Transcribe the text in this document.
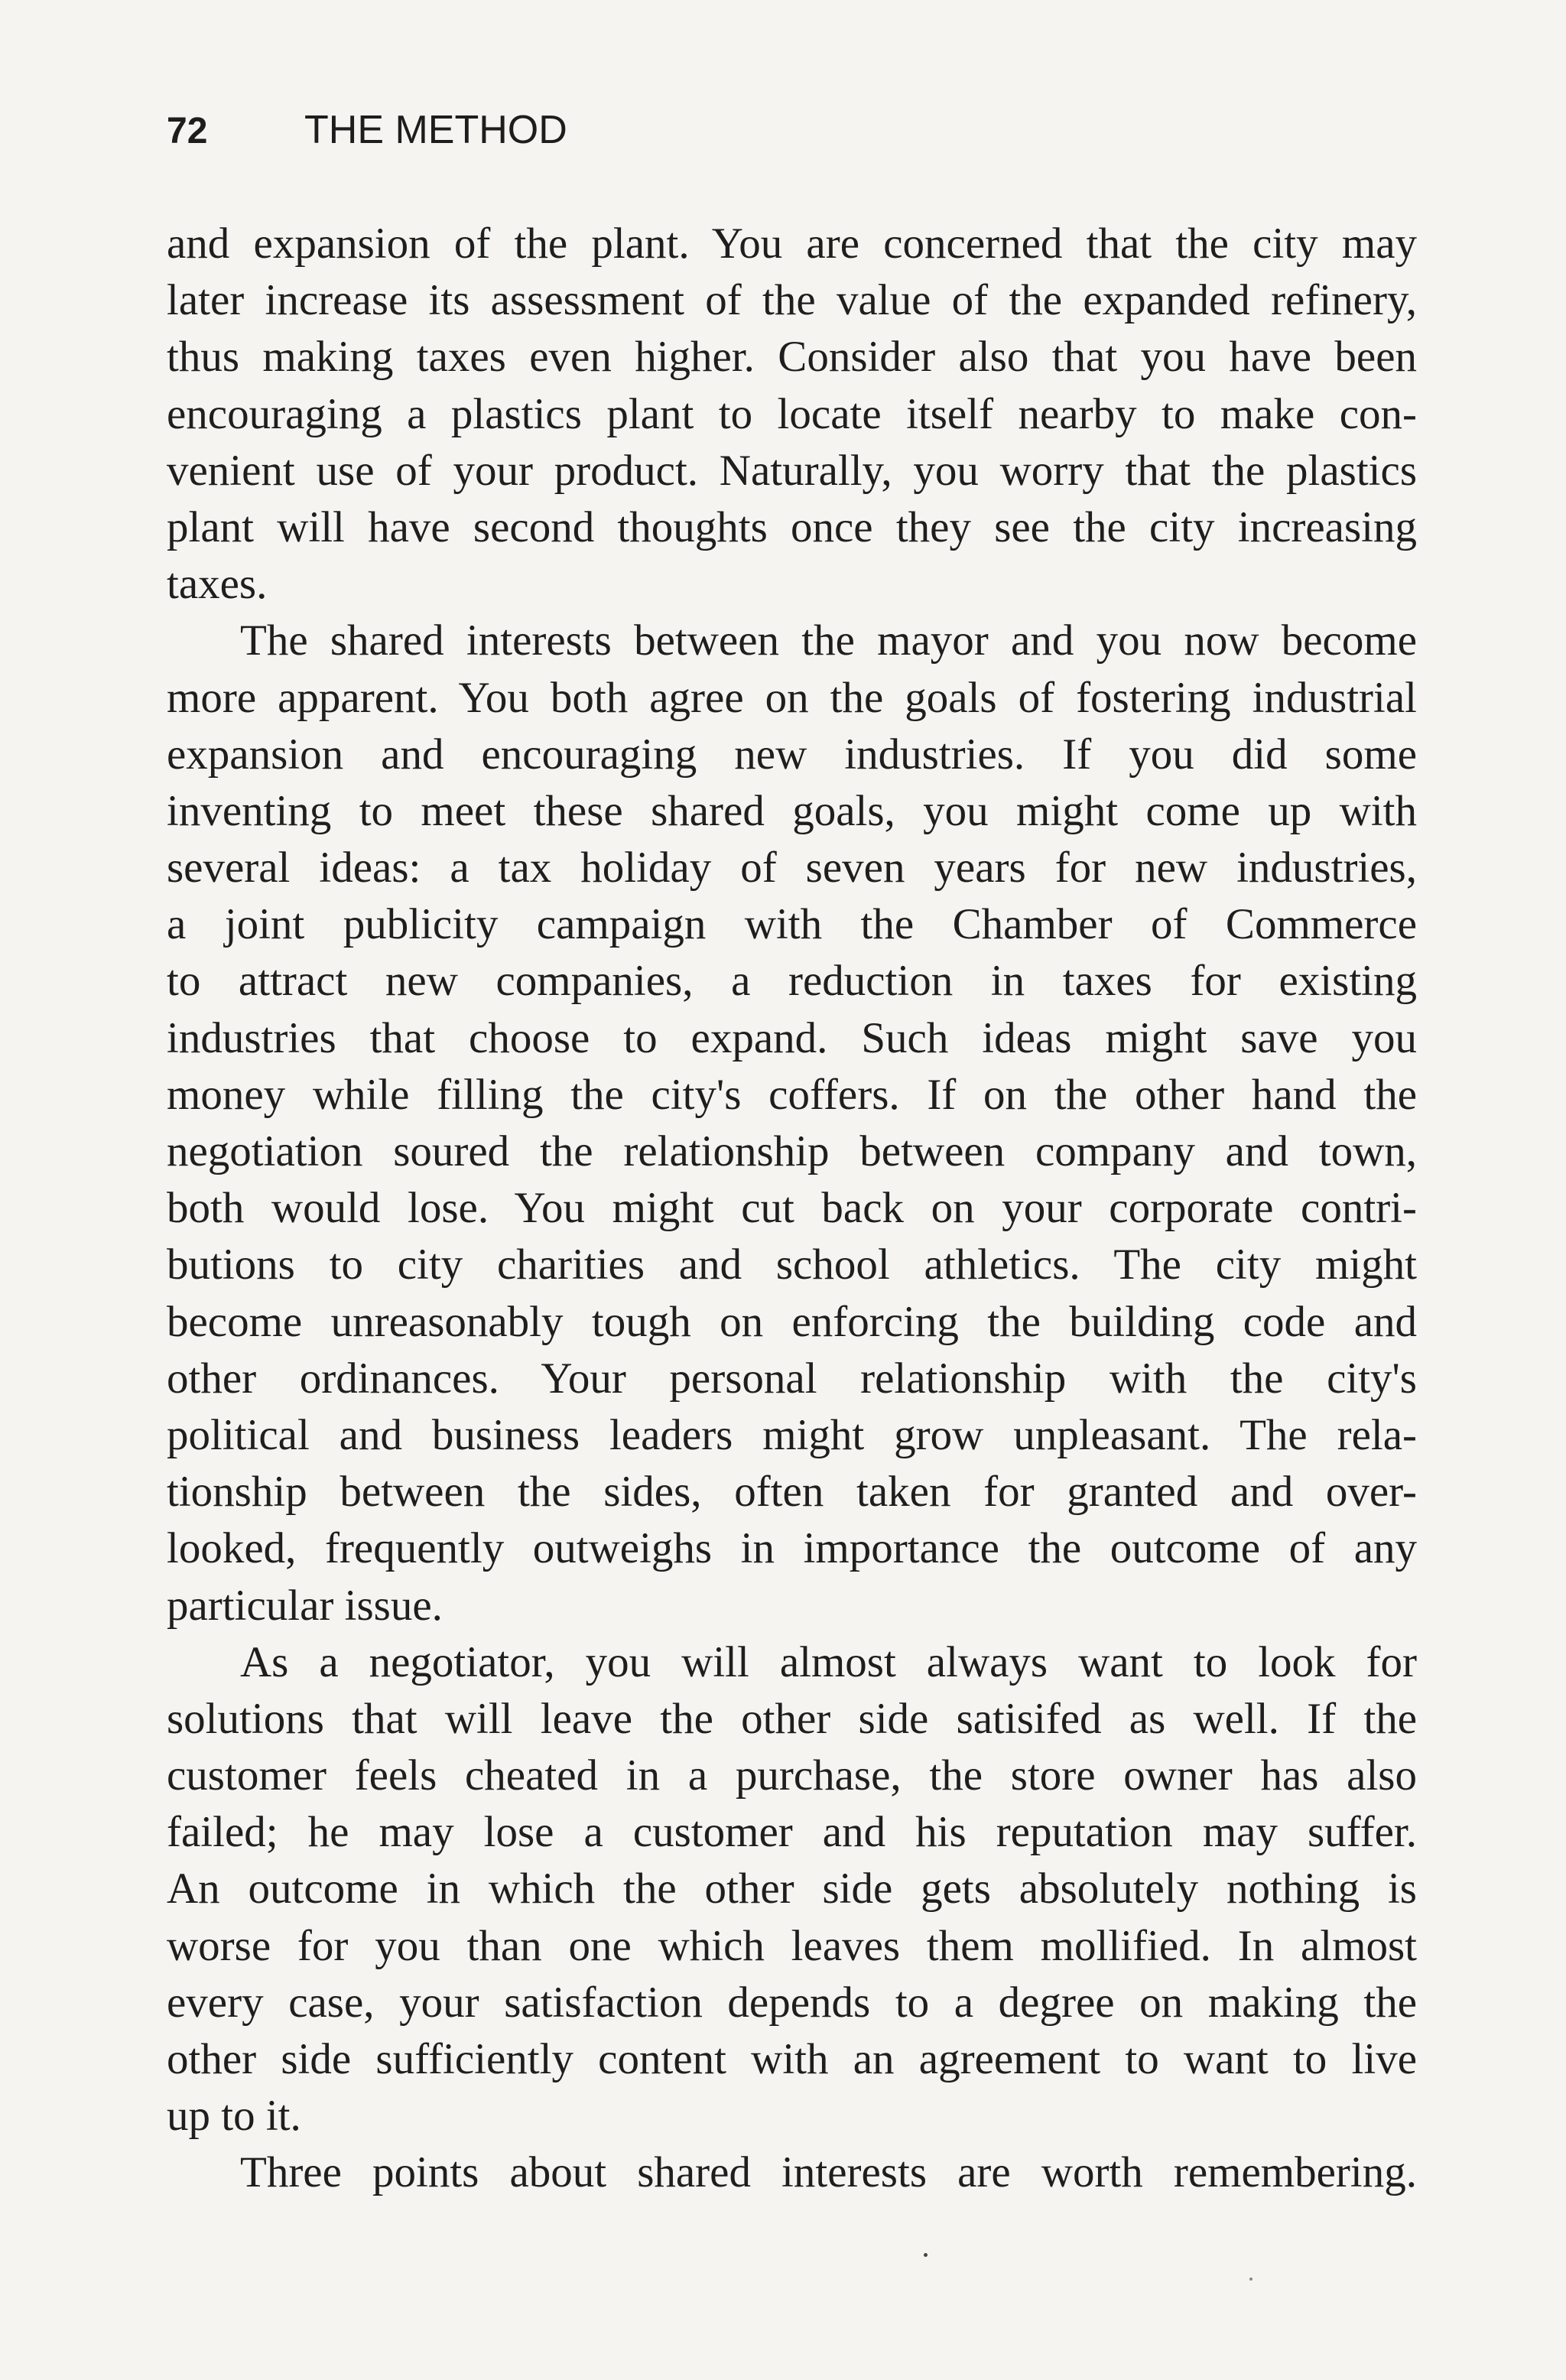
72	THE METHOD
and expansion of the plant. You are concerned that the city may
later increase its assessment of the value of the expanded refinery,
thus making taxes even higher. Consider also that you have been
encouraging a plastics plant to locate itself nearby to make con-
venient use of your product. Naturally, you worry that the plastics
plant will have second thoughts once they see the city increasing
taxes.
The shared interests between the mayor and you now become
more apparent. You both agree on the goals of fostering industrial
expansion and encouraging new industries. If you did some
inventing to meet these shared goals, you might come up with
several ideas: a tax holiday of seven years for new industries,
a joint publicity campaign with the Chamber of Commerce
to attract new companies, a reduction in taxes for existing
industries that choose to expand. Such ideas might save you
money while filling the city's coffers. If on the other hand the
negotiation soured the relationship between company and town,
both would lose. You might cut back on your corporate contri-
butions to city charities and school athletics. The city might
become unreasonably tough on enforcing the building code and
other ordinances. Your personal relationship with the city's
political and business leaders might grow unpleasant. The rela-
tionship between the sides, often taken for granted and over-
looked, frequently outweighs in importance the outcome of any
particular issue.
As a negotiator, you will almost always want to look for
solutions that will leave the other side satisifed as well. If the
customer feels cheated in a purchase, the store owner has also
failed; he may lose a customer and his reputation may suffer.
An outcome in which the other side gets absolutely nothing is
worse for you than one which leaves them mollified. In almost
every case, your satisfaction depends to a degree on making the
other side sufficiently content with an agreement to want to live
up to it.
Three points about shared interests are worth remembering.
